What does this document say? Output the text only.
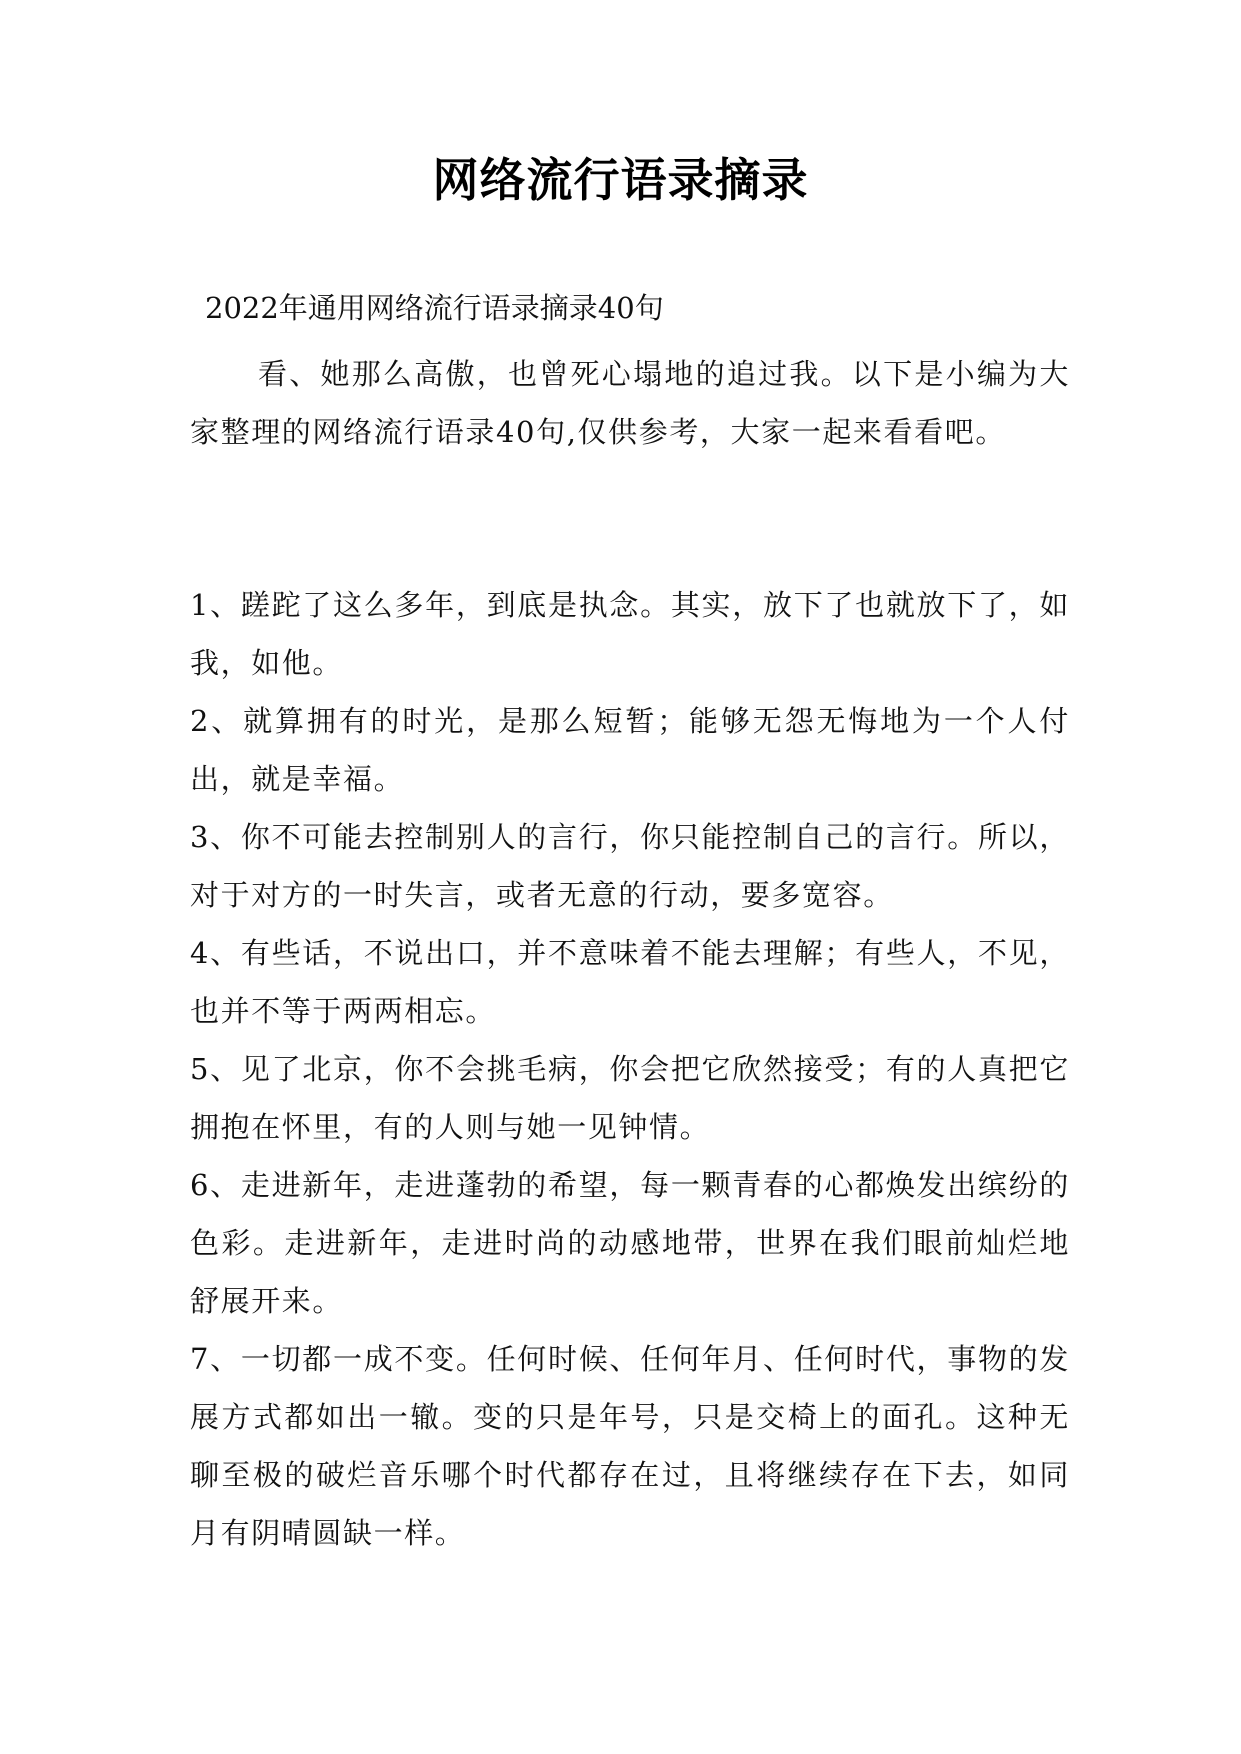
网络流行语录摘录
2022年通用网络流行语录摘录40句
看、她那么高傲，也曾死心塌地的追过我。以下是小编为大家整理的网络流行语录40句,仅供参考，大家一起来看看吧。

1、蹉跎了这么多年，到底是执念。其实，放下了也就放下了，如我，如他。

2、就算拥有的时光，是那么短暂；能够无怨无悔地为一个人付出，就是幸福。

3、你不可能去控制别人的言行，你只能控制自己的言行。所以，对于对方的一时失言，或者无意的行动，要多宽容。

4、有些话，不说出口，并不意味着不能去理解；有些人，不见，也并不等于两两相忘。

5、见了北京，你不会挑毛病，你会把它欣然接受；有的人真把它拥抱在怀里，有的人则与她一见钟情。

6、走进新年，走进蓬勃的希望，每一颗青春的心都焕发出缤纷的色彩。走进新年，走进时尚的动感地带，世界在我们眼前灿烂地舒展开来。

7、一切都一成不变。任何时候、任何年月、任何时代，事物的发展方式都如出一辙。变的只是年号，只是交椅上的面孔。这种无聊至极的破烂音乐哪个时代都存在过，且将继续存在下去，如同月有阴晴圆缺一样。
